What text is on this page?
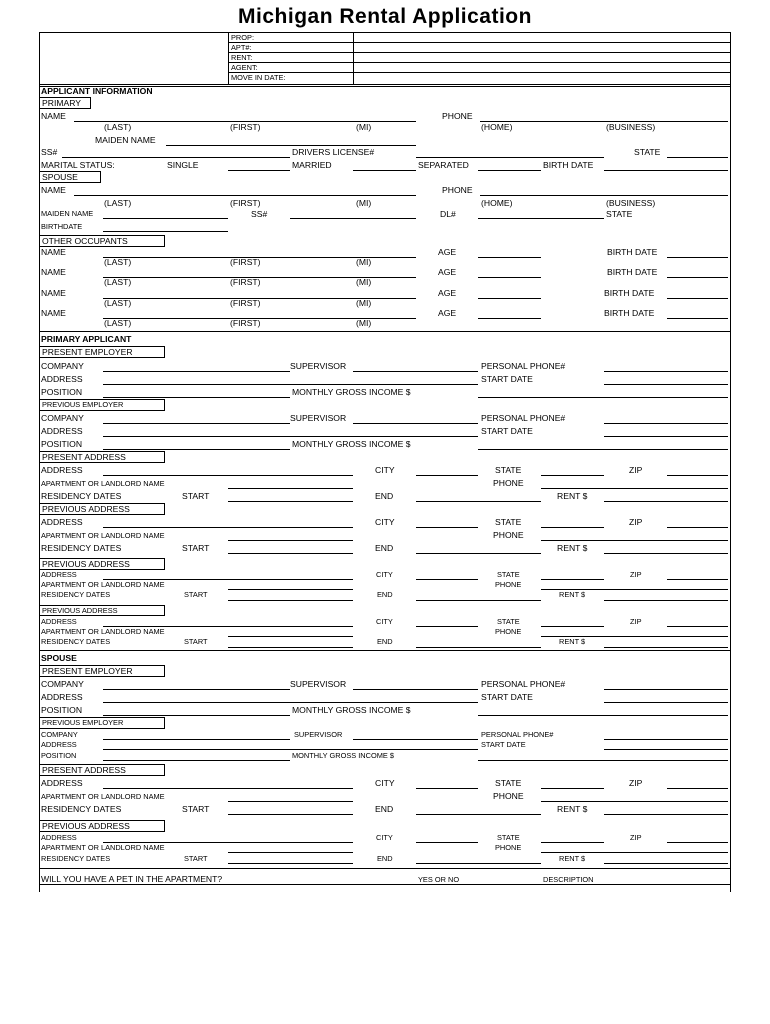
Michigan Rental Application
PROP:
APT#:
RENT:
AGENT:
MOVE IN DATE:
APPLICANT INFORMATION
PRIMARY
NAME	PHONE
(LAST)	(FIRST)	(MI)	(HOME)	(BUSINESS)
MAIDEN NAME
SS#	DRIVERS LICENSE#	STATE
MARITAL STATUS:	SINGLE	MARRIED	SEPARATED	BIRTH DATE
SPOUSE
NAME	PHONE
(LAST)	(FIRST)	(MI)	(HOME)	(BUSINESS)
MAIDEN NAME	SS#	DL#	STATE
BIRTHDATE
OTHER OCCUPANTS
NAME	AGE	BIRTH DATE
(LAST)	(FIRST)	(MI)
NAME	AGE	BIRTH DATE
(LAST)	(FIRST)	(MI)
NAME	AGE	BIRTH DATE
(LAST)	(FIRST)	(MI)
NAME	AGE	BIRTH DATE
(LAST)	(FIRST)	(MI)
PRIMARY APPLICANT
PRESENT EMPLOYER
COMPANY	SUPERVISOR	PERSONAL PHONE#
ADDRESS	START DATE
POSITION	MONTHLY GROSS INCOME $
PREVIOUS EMPLOYER
COMPANY	SUPERVISOR	PERSONAL PHONE#
ADDRESS	START DATE
POSITION	MONTHLY GROSS INCOME $
PRESENT ADDRESS
ADDRESS	CITY	STATE	ZIP
APARTMENT OR LANDLORD NAME	PHONE
RESIDENCY DATES	START	END	RENT $
PREVIOUS ADDRESS
ADDRESS	CITY	STATE	ZIP
APARTMENT OR LANDLORD NAME	PHONE
RESIDENCY DATES	START	END	RENT $
PREVIOUS ADDRESS
ADDRESS	CITY	STATE	ZIP
APARTMENT OR LANDLORD NAME	PHONE
RESIDENCY DATES	START	END	RENT $
PREVIOUS ADDRESS
ADDRESS	CITY	STATE	ZIP
APARTMENT OR LANDLORD NAME	PHONE
RESIDENCY DATES	START	END	RENT $
SPOUSE
PRESENT EMPLOYER
COMPANY	SUPERVISOR	PERSONAL PHONE#
ADDRESS	START DATE
POSITION	MONTHLY GROSS INCOME $
PREVIOUS EMPLOYER
COMPANY	SUPERVISOR	PERSONAL PHONE#
ADDRESS	START DATE
POSITION	MONTHLY GROSS INCOME $
PRESENT ADDRESS
ADDRESS	CITY	STATE	ZIP
APARTMENT OR LANDLORD NAME	PHONE
RESIDENCY DATES	START	END	RENT $
PREVIOUS ADDRESS
ADDRESS	CITY	STATE	ZIP
APARTMENT OR LANDLORD NAME	PHONE
RESIDENCY DATES	START	END	RENT $
WILL YOU HAVE A PET IN THE APARTMENT?	YES OR NO	DESCRIPTION
